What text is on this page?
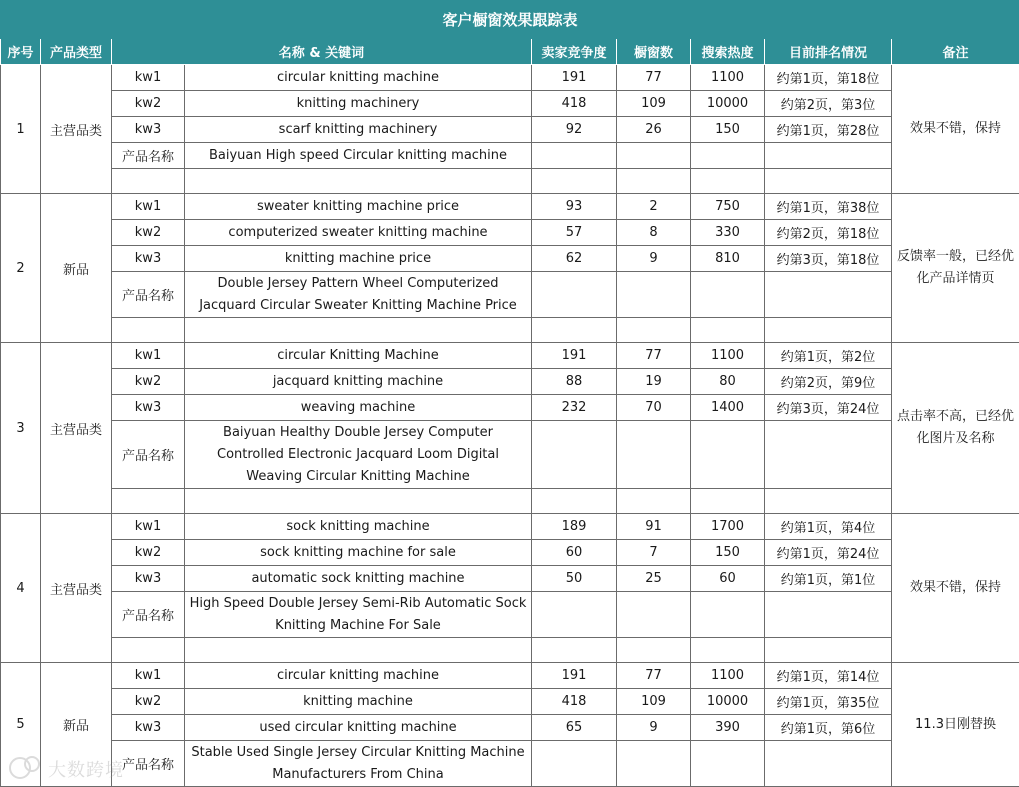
客户橱窗效果跟踪表								
序号	产品类型	名称 & 关键词		卖家竞争度	橱窗数	搜索热度	目前排名情况	备注
1	主营品类	kw1	circular knitting machine	191	77	1100	约第1页，第18位	效果不错，保持
		kw2	knitting machinery	418	109	10000	约第2页，第3位	
		kw3	scarf knitting machinery	92	26	150	约第1页，第28位	
		产品名称	Baiyuan High speed Circular knitting machine					

2	新品	kw1	sweater knitting machine price	93	2	750	约第1页，第38位	反馈率一般，已经优化产品详情页
		kw2	computerized sweater knitting machine	57	8	330	约第2页，第18位	
		kw3	knitting machine price	62	9	810	约第3页，第18位	
		产品名称	Double Jersey Pattern Wheel Computerized Jacquard Circular Sweater Knitting Machine Price					

3	主营品类	kw1	circular Knitting Machine	191	77	1100	约第1页，第2位	点击率不高，已经优化图片及名称
		kw2	jacquard knitting machine	88	19	80	约第2页，第9位	
		kw3	weaving machine	232	70	1400	约第3页，第24位	
		产品名称	Baiyuan Healthy Double Jersey Computer Controlled Electronic Jacquard Loom Digital Weaving Circular Knitting Machine					

4	主营品类	kw1	sock knitting machine	189	91	1700	约第1页，第4位	效果不错，保持
		kw2	sock knitting machine for sale	60	7	150	约第1页，第24位	
		kw3	automatic sock knitting machine	50	25	60	约第1页，第1位	
		产品名称	High Speed Double Jersey Semi-Rib Automatic Sock Knitting Machine For Sale					

5	新品	kw1	circular knitting machine	191	77	1100	约第1页，第14位	11.3日刚替换
		kw2	knitting machine	418	109	10000	约第1页，第35位	
		kw3	used circular knitting machine	65	9	390	约第1页，第6位	
		产品名称	Stable Used Single Jersey Circular Knitting Machine Manufacturers From China					
大数跨境
